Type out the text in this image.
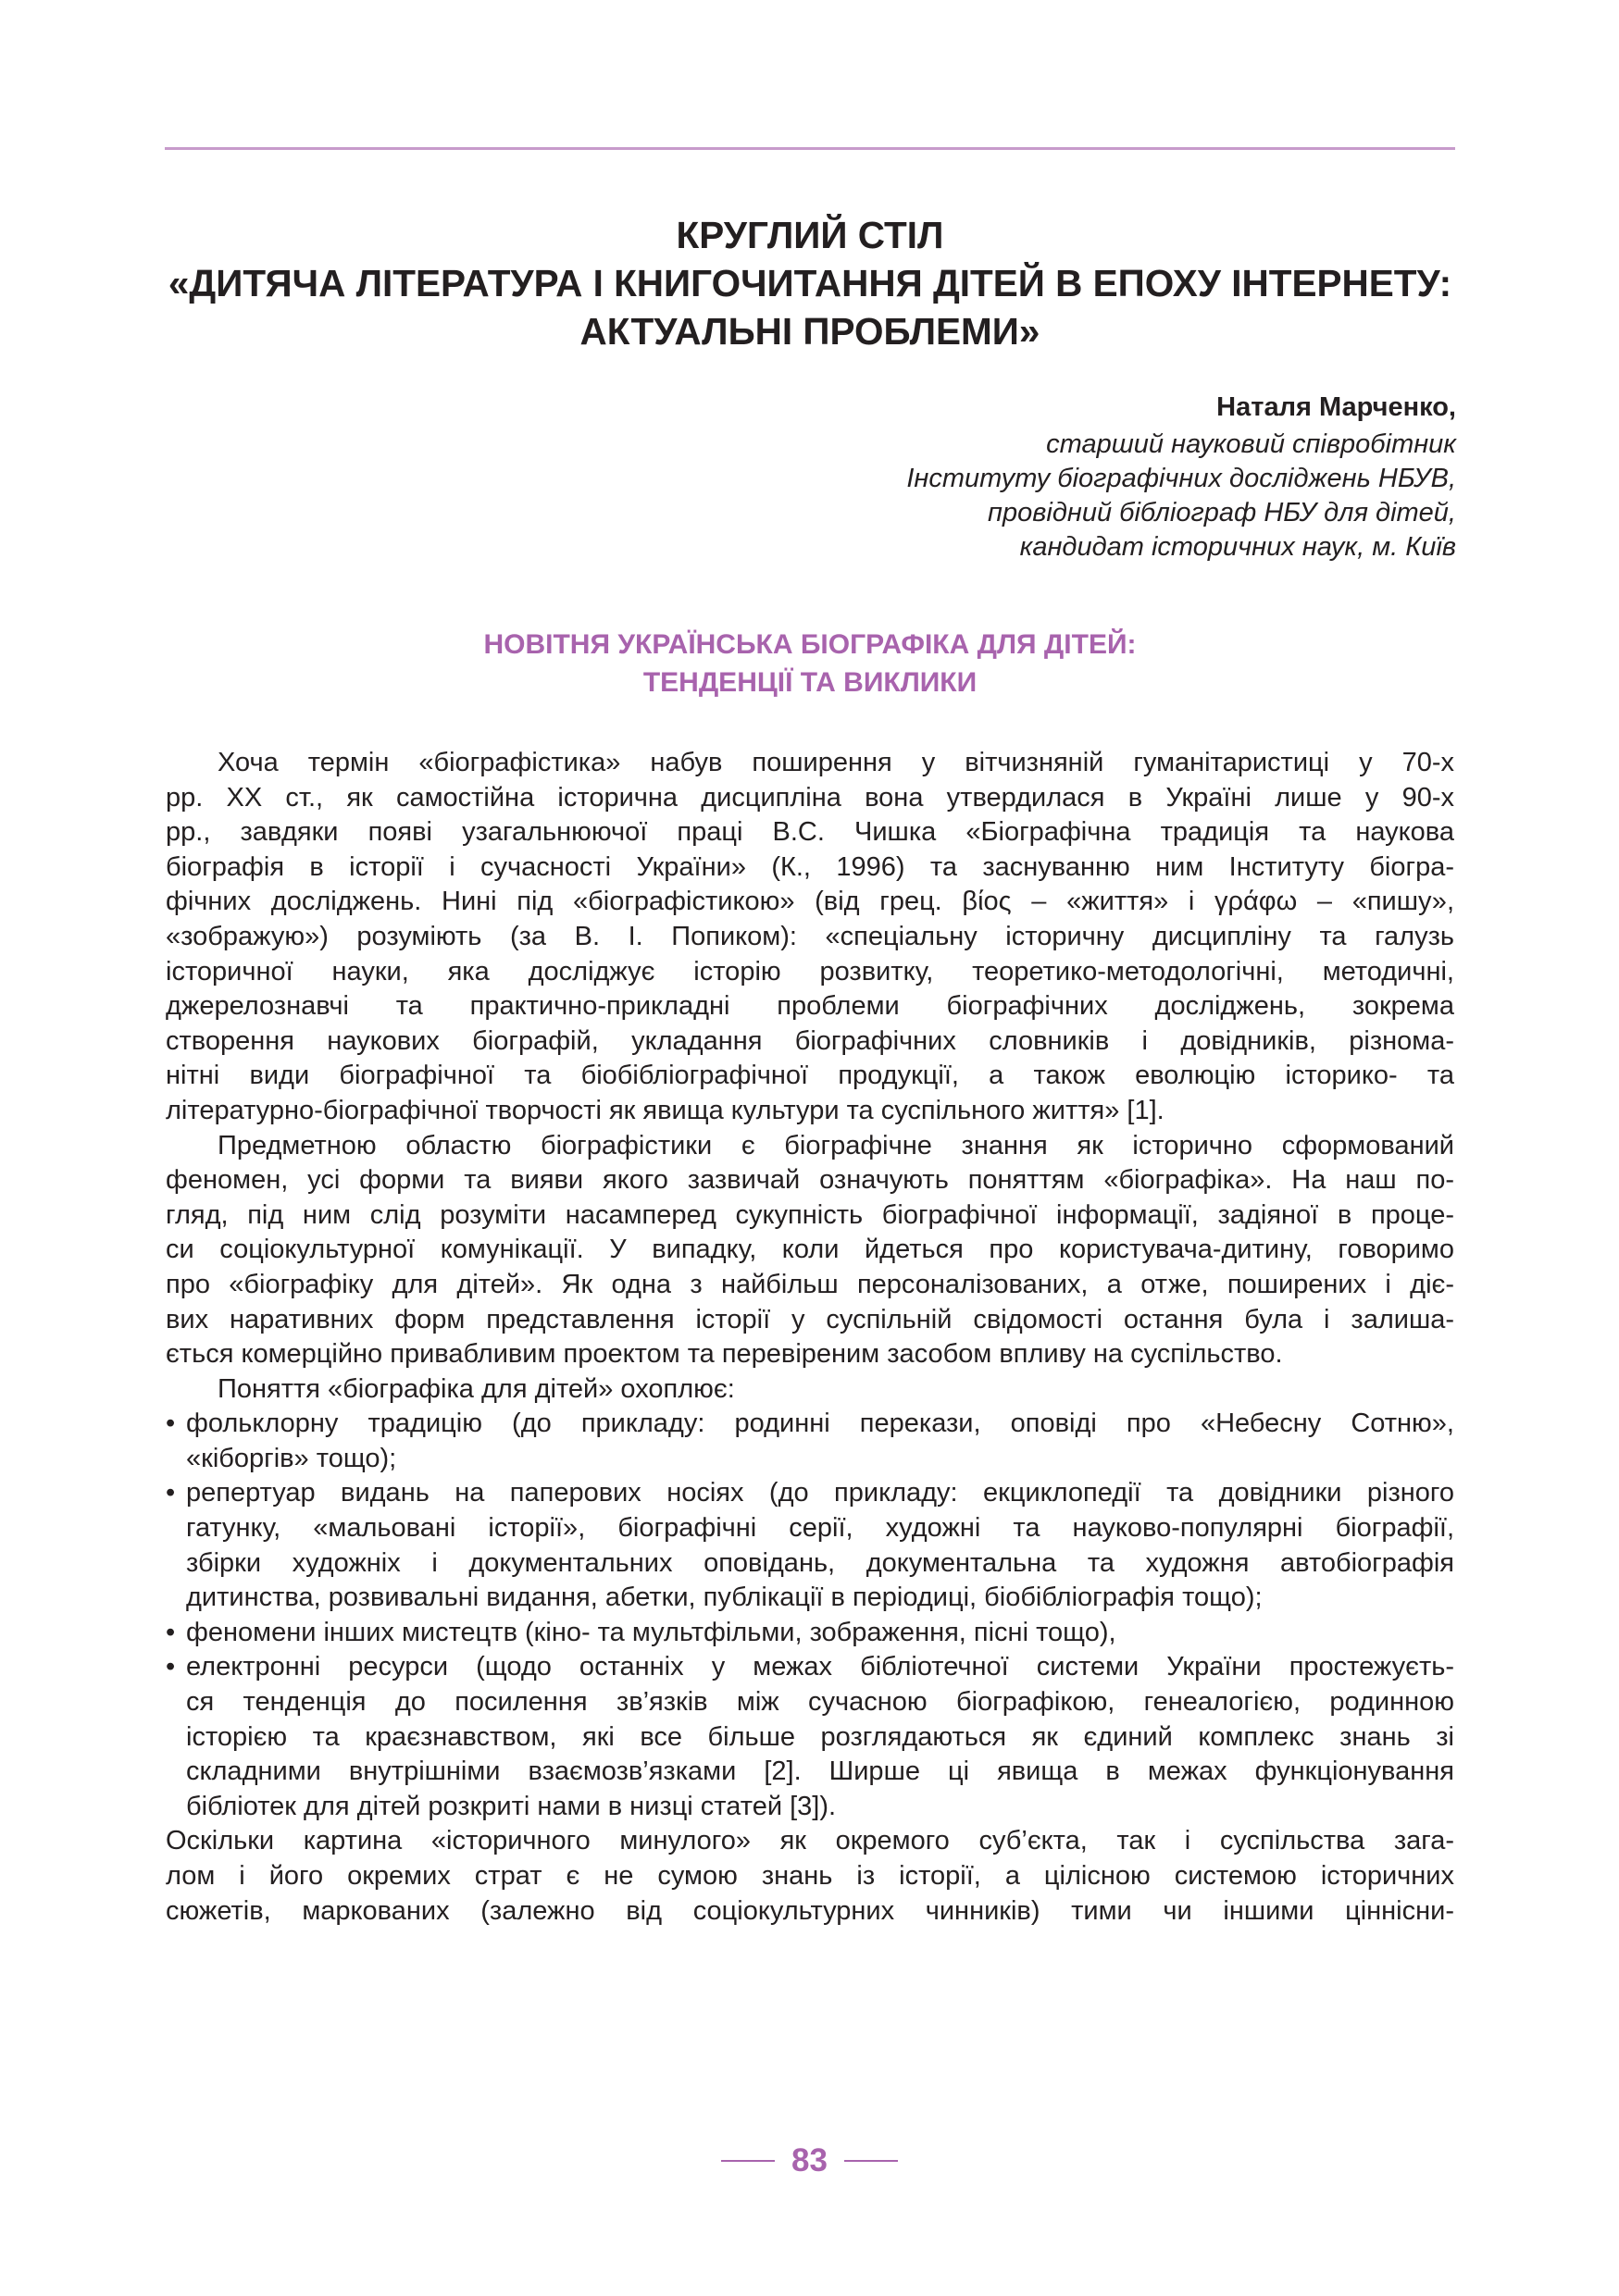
КРУГЛИЙ СТІЛ
«ДИТЯЧА ЛІТЕРАТУРА І КНИГОЧИТАННЯ ДІТЕЙ В ЕПОХУ ІНТЕРНЕТУ:
АКТУАЛЬНІ ПРОБЛЕМИ»
Наталя Марченко,
старший науковий співробітник
Інституту біографічних досліджень НБУВ,
провідний бібліограф НБУ для дітей,
кандидат історичних наук, м. Київ
НОВІТНЯ УКРАЇНСЬКА БІОГРАФІКА ДЛЯ ДІТЕЙ:
ТЕНДЕНЦІЇ ТА ВИКЛИКИ
Хоча термін «біографістика» набув поширення у вітчизняній гуманітаристиці у 70-х
рр. XX ст., як самостійна історична дисципліна вона утвердилася в Україні лише у 90-х
рр., завдяки появі узагальнюючої праці В.С. Чишка «Біографічна традиція та наукова
біографія в історії і сучасності України» (К., 1996) та заснуванню ним Інституту біогра-
фічних досліджень. Нині під «біографістикою» (від грец. βίος – «життя» і γράφω – «пишу»,
«зображую») розуміють (за В. І. Попиком): «спеціальну історичну дисципліну та галузь
історичної науки, яка досліджує історію розвитку, теоретико-методологічні, методичні,
джерелознавчі та практично-прикладні проблеми біографічних досліджень, зокрема
створення наукових біографій, укладання біографічних словників і довідників, різнома-
нітні види біографічної та біобібліографічної продукції, а також еволюцію історико- та
літературно-біографічної творчості як явища культури та суспільного життя» [1].
Предметною областю біографістики є біографічне знання як історично сформований
феномен, усі форми та вияви якого зазвичай означують поняттям «біографіка». На наш по-
гляд, під ним слід розуміти насамперед сукупність біографічної інформації, задіяної в проце-
си соціокультурної комунікації. У випадку, коли йдеться про користувача-дитину, говоримо
про «біографіку для дітей». Як одна з найбільш персоналізованих, а отже, поширених і діє-
вих наративних форм представлення історії у суспільній свідомості остання була і залиша-
ється комерційно привабливим проектом та перевіреним засобом впливу на суспільство.
Поняття «біографіка для дітей» охоплює:
• фольклорну традицію (до прикладу: родинні перекази, оповіді про «Небесну Сотню»,
«кіборгів» тощо);
• репертуар видань на паперових носіях (до прикладу: екциклопедії та довідники різного
гатунку, «мальовані історії», біографічні серії, художні та науково-популярні біографії,
збірки художніх і документальних оповідань, документальна та художня автобіографія
дитинства, розвивальні видання, абетки, публікації в періодиці, біобібліографія тощо);
• феномени інших мистецтв (кіно- та мультфільми, зображення, пісні тощо),
• електронні ресурси (щодо останніх у межах бібліотечної системи України простежуєть-
ся тенденція до посилення зв’язків між сучасною біографікою, генеалогією, родинною
історією та краєзнавством, які все більше розглядаються як єдиний комплекс знань зі
складними внутрішніми взаємозв’язками [2]. Ширше ці явища в межах функціонування
бібліотек для дітей розкриті нами в низці статей [3]).
Оскільки картина «історичного минулого» як окремого суб’єкта, так і суспільства зага-
лом і його окремих страт є не сумою знань із історії, а цілісною системою історичних
сюжетів, маркованих (залежно від соціокультурних чинників) тими чи іншими ціннісни-
83
